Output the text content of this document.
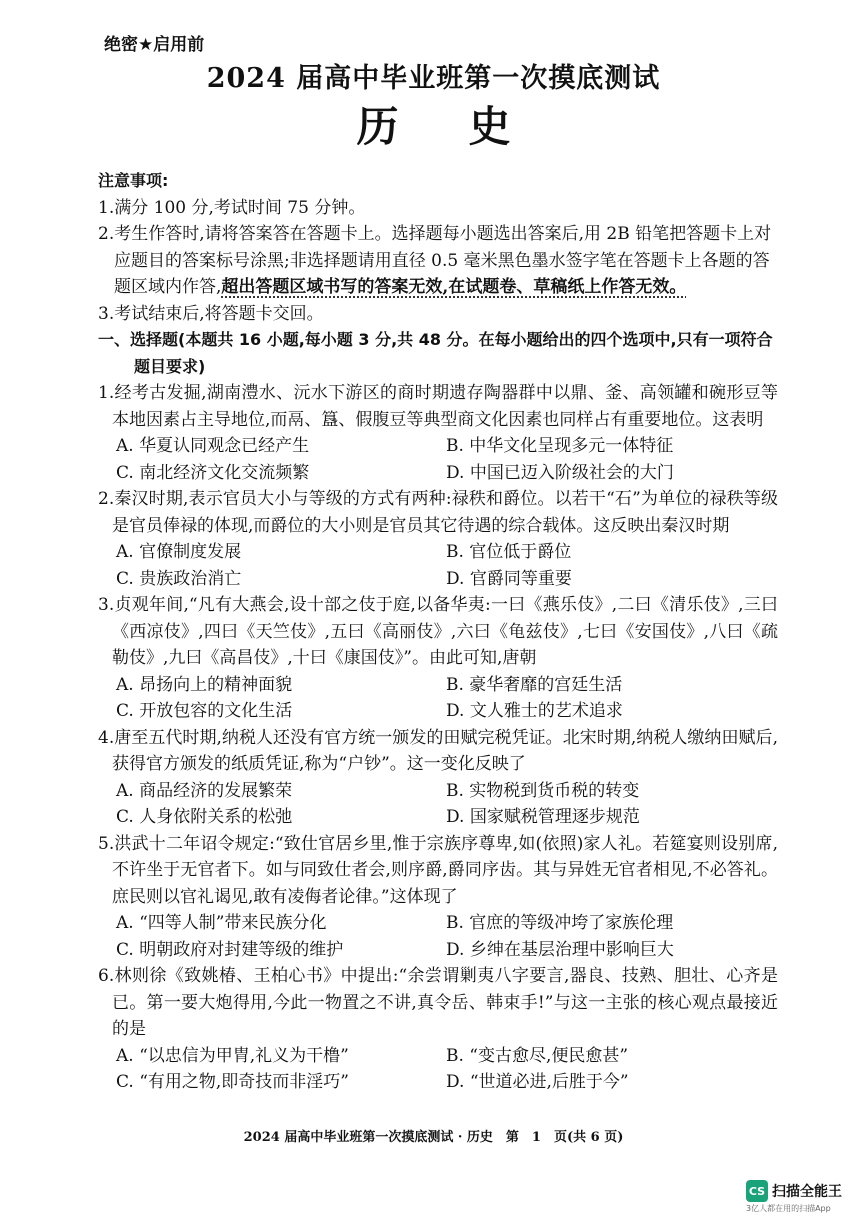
绝密★启用前
2024 届高中毕业班第一次摸底测试
历史
注意事项:
1.满分 100 分,考试时间 75 分钟。
2.考生作答时,请将答案答在答题卡上。选择题每小题选出答案后,用 2B 铅笔把答题卡上对应题目的答案标号涂黑;非选择题请用直径 0.5 毫米黑色墨水签字笔在答题卡上各题的答题区域内作答,超出答题区域书写的答案无效,在试题卷、草稿纸上作答无效。
3.考试结束后,将答题卡交回。
一、选择题(本题共 16 小题,每小题 3 分,共 48 分。在每小题给出的四个选项中,只有一项符合题目要求)
1.经考古发掘,湖南澧水、沅水下游区的商时期遗存陶器群中以鼎、釜、高领罐和碗形豆等本地因素占主导地位,而鬲、簋、假腹豆等典型商文化因素也同样占有重要地位。这表明
A. 华夏认同观念已经产生	B. 中华文化呈现多元一体特征
C. 南北经济文化交流频繁	D. 中国已迈入阶级社会的大门
2.秦汉时期,表示官员大小与等级的方式有两种:禄秩和爵位。以若干“石”为单位的禄秩等级是官员俸禄的体现,而爵位的大小则是官员其它待遇的综合载体。这反映出秦汉时期
A. 官僚制度发展	B. 官位低于爵位
C. 贵族政治消亡	D. 官爵同等重要
3.贞观年间,“凡有大燕会,设十部之伎于庭,以备华夷:一曰《燕乐伎》,二曰《清乐伎》,三曰《西凉伎》,四曰《天竺伎》,五曰《高丽伎》,六曰《龟兹伎》,七曰《安国伎》,八曰《疏勒伎》,九曰《高昌伎》,十曰《康国伎》”。由此可知,唐朝
A. 昂扬向上的精神面貌	B. 豪华奢靡的宫廷生活
C. 开放包容的文化生活	D. 文人雅士的艺术追求
4.唐至五代时期,纳税人还没有官方统一颁发的田赋完税凭证。北宋时期,纳税人缴纳田赋后,获得官方颁发的纸质凭证,称为“户钞”。这一变化反映了
A. 商品经济的发展繁荣	B. 实物税到货币税的转变
C. 人身依附关系的松弛	D. 国家赋税管理逐步规范
5.洪武十二年诏令规定:“致仕官居乡里,惟于宗族序尊卑,如(依照)家人礼。若筵宴则设别席,不许坐于无官者下。如与同致仕者会,则序爵,爵同序齿。其与异姓无官者相见,不必答礼。庶民则以官礼谒见,敢有凌侮者论律。”这体现了
A. “四等人制”带来民族分化	B. 官庶的等级冲垮了家族伦理
C. 明朝政府对封建等级的维护	D. 乡绅在基层治理中影响巨大
6.林则徐《致姚椿、王柏心书》中提出:“余尝谓剿夷八字要言,器良、技熟、胆壮、心齐是已。第一要大炮得用,今此一物置之不讲,真令岳、韩束手!”与这一主张的核心观点最接近的是
A. “以忠信为甲胄,礼义为干橹”	B. “变古愈尽,便民愈甚”
C. “有用之物,即奇技而非淫巧”	D. “世道必进,后胜于今”
2024 届高中毕业班第一次摸底测试 · 历史　第　1　页(共 6 页)
CS 扫描全能王
3亿人都在用的扫描App
